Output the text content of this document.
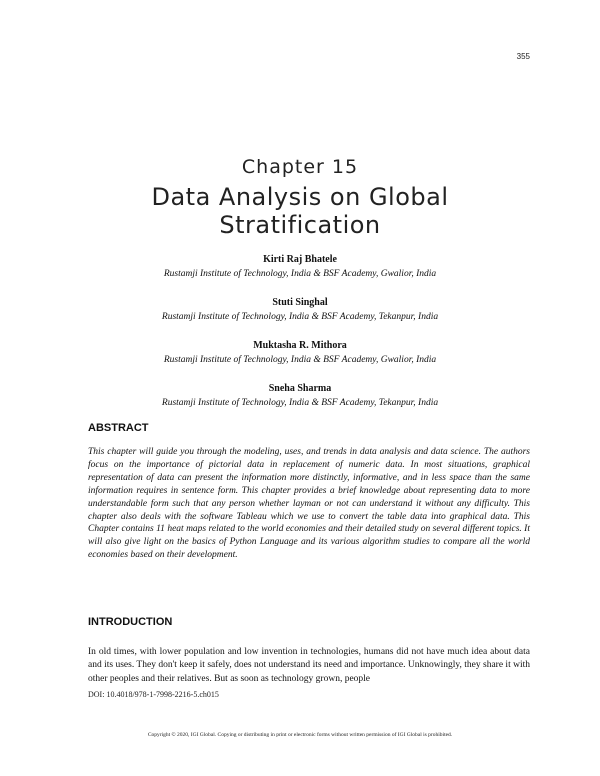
355
Chapter 15
Data Analysis on Global
Stratification
Kirti Raj Bhatele
Rustamji Institute of Technology, India & BSF Academy, Gwalior, India
Stuti Singhal
Rustamji Institute of Technology, India & BSF Academy, Tekanpur, India
Muktasha R. Mithora
Rustamji Institute of Technology, India & BSF Academy, Gwalior, India
Sneha Sharma
Rustamji Institute of Technology, India & BSF Academy, Tekanpur, India
ABSTRACT

This chapter will guide you through the modeling, uses, and trends in data analysis and data science. The authors focus on the importance of pictorial data in replacement of numeric data. In most situations, graphical representation of data can present the information more distinctly, informative, and in less space than the same information requires in sentence form. This chapter provides a brief knowledge about representing data to more understandable form such that any person whether layman or not can understand it without any difficulty. This chapter also deals with the software Tableau which we use to convert the table data into graphical data. This Chapter contains 11 heat maps related to the world economies and their detailed study on several different topics. It will also give light on the basics of Python Language and its various algorithm studies to compare all the world economies based on their development.

INTRODUCTION

In old times, with lower population and low invention in technologies, humans did not have much idea about data and its uses. They don't keep it safely, does not understand its need and importance. Unknowingly, they share it with other peoples and their relatives. But as soon as technology grown, people

DOI: 10.4018/978-1-7998-2216-5.ch015
Copyright © 2020, IGI Global. Copying or distributing in print or electronic forms without written permission of IGI Global is prohibited.
